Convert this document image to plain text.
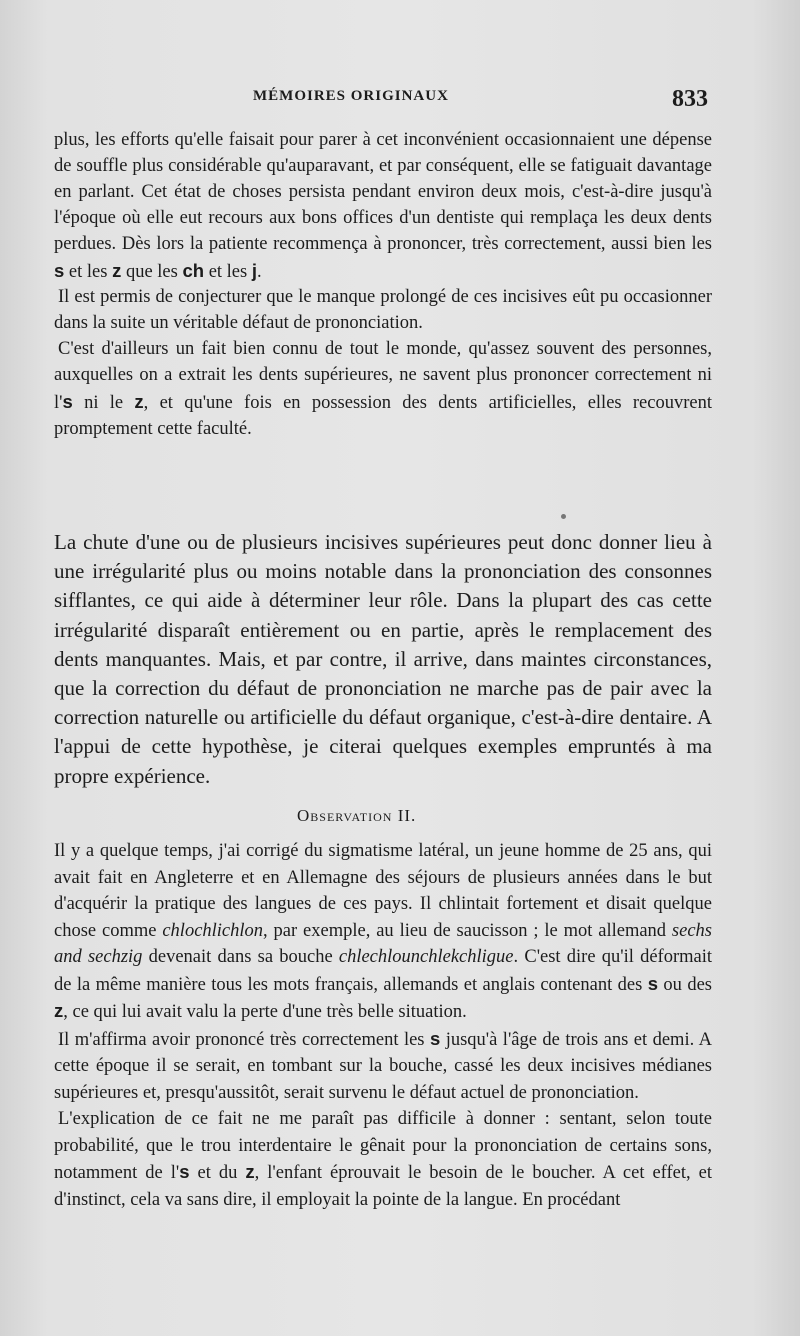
MÉMOIRES ORIGINAUX	833

plus, les efforts qu'elle faisait pour parer à cet inconvénient occasionnaient une dépense de souffle plus considérable qu'auparavant, et par conséquent, elle se fatiguait davantage en parlant. Cet état de choses persista pendant environ deux mois, c'est-à-dire jusqu'à l'époque où elle eut recours aux bons offices d'un dentiste qui remplaça les deux dents perdues. Dès lors la patiente recommença à prononcer, très correctement, aussi bien les s et les z que les ch et les j.

Il est permis de conjecturer que le manque prolongé de ces incisives eût pu occasionner dans la suite un véritable défaut de prononciation.

C'est d'ailleurs un fait bien connu de tout le monde, qu'assez souvent des personnes, auxquelles on a extrait les dents supérieures, ne savent plus prononcer correctement ni l's ni le z, et qu'une fois en possession des dents artificielles, elles recouvrent promptement cette faculté.

La chute d'une ou de plusieurs incisives supérieures peut donc donner lieu à une irrégularité plus ou moins notable dans la prononciation des consonnes sifflantes, ce qui aide à déterminer leur rôle. Dans la plupart des cas cette irrégularité disparaît entièrement ou en partie, après le remplacement des dents manquantes. Mais, et par contre, il arrive, dans maintes circonstances, que la correction du défaut de prononciation ne marche pas de pair avec la correction naturelle ou artificielle du défaut organique, c'est-à-dire dentaire. A l'appui de cette hypothèse, je citerai quelques exemples empruntés à ma propre expérience.

Observation II.

Il y a quelque temps, j'ai corrigé du sigmatisme latéral, un jeune homme de 25 ans, qui avait fait en Angleterre et en Allemagne des séjours de plusieurs années dans le but d'acquérir la pratique des langues de ces pays. Il chlintait fortement et disait quelque chose comme chlochlichlon, par exemple, au lieu de saucisson ; le mot allemand sechs and sechzig devenait dans sa bouche chlechlounchlekchligue. C'est dire qu'il déformait de la même manière tous les mots français, allemands et anglais contenant des s ou des z, ce qui lui avait valu la perte d'une très belle situation.

Il m'affirma avoir prononcé très correctement les s jusqu'à l'âge de trois ans et demi. A cette époque il se serait, en tombant sur la bouche, cassé les deux incisives médianes supérieures et, presqu'aussitôt, serait survenu le défaut actuel de prononciation.

L'explication de ce fait ne me paraît pas difficile à donner : sentant, selon toute probabilité, que le trou interdentaire le gênait pour la prononciation de certains sons, notamment de l's et du z, l'enfant éprouvait le besoin de le boucher. A cet effet, et d'instinct, cela va sans dire, il employait la pointe de la langue. En procédant
